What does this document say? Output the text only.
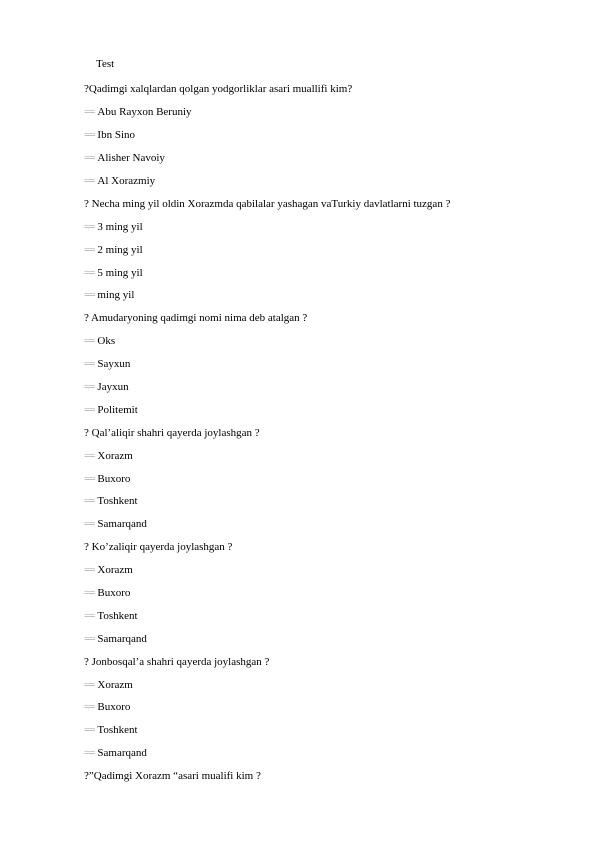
Test
?Qadimgi xalqlardan qolgan yodgorliklar asari muallifi kim?
== Abu Rayxon Beruniy
== Ibn Sino
== Alisher Navoiy
== Al Xorazmiy
? Necha ming yil oldin Xorazmda qabilalar yashagan vaTurkiy davlatlarni tuzgan ?
== 3 ming yil
== 2 ming yil
== 5 ming yil
== ming yil
? Amudaryoning qadimgi nomi nima deb atalgan ?
== Oks
== Sayxun
== Jayxun
== Politemit
? Qal’aliqir shahri qayerda joylashgan ?
== Xorazm
== Buxoro
== Toshkent
== Samarqand
? Ko’zaliqir qayerda joylashgan ?
== Xorazm
== Buxoro
== Toshkent
== Samarqand
? Jonbosqal’a shahri qayerda joylashgan ?
== Xorazm
== Buxoro
== Toshkent
== Samarqand
?”Qadimgi Xorazm “asari mualifi kim ?
